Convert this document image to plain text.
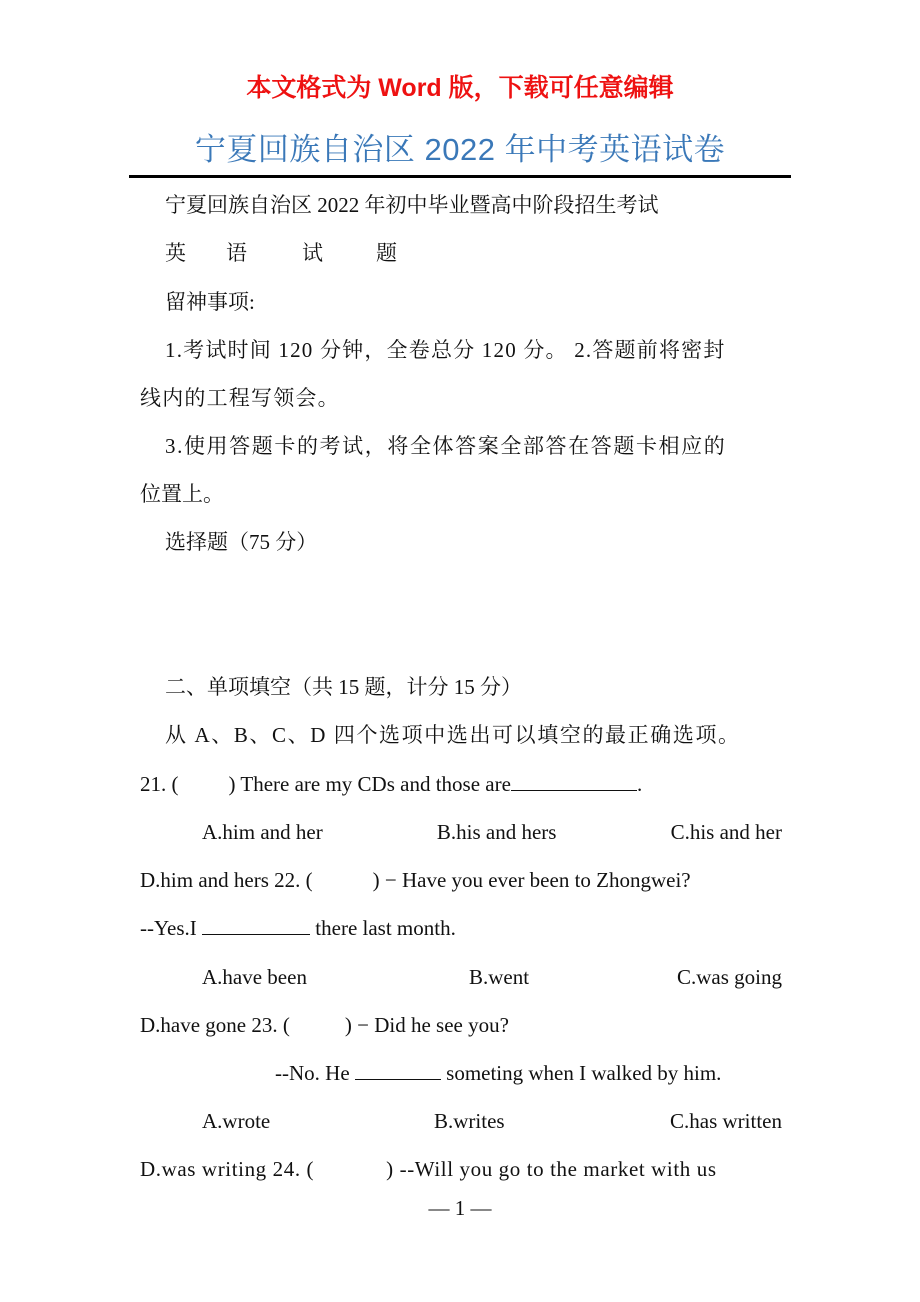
本文格式为 Word 版，下载可任意编辑
宁夏回族自治区 2022 年中考英语试卷
宁夏回族自治区 2022 年初中毕业暨高中阶段招生考试
英 语	试	题
留神事项:
1.考试时间 120 分钟，全卷总分 120 分。 2.答题前将密封
线内的工程写领会。
3.使用答题卡的考试，将全体答案全部答在答题卡相应的
位置上。
选择题（75 分）
二、单项填空（共 15 题，计分 15 分）
从 A、B、C、D 四个选项中选出可以填空的最正确选项。
21. ( ) There are my CDs and those are	.
A.him and her	B.his and hers	C.his and her
D.him and hers 22. (	) − Have you ever been to Zhongwei?
--Yes.I	there last month.
A.have been	B.went	C.was going
D.have gone 23. (	) − Did he see you?
--No. He	someting when I walked by him.
A.wrote	B.writes	C.has written
D.was writing 24. (	) --Will you go to the market with us
— 1 —
